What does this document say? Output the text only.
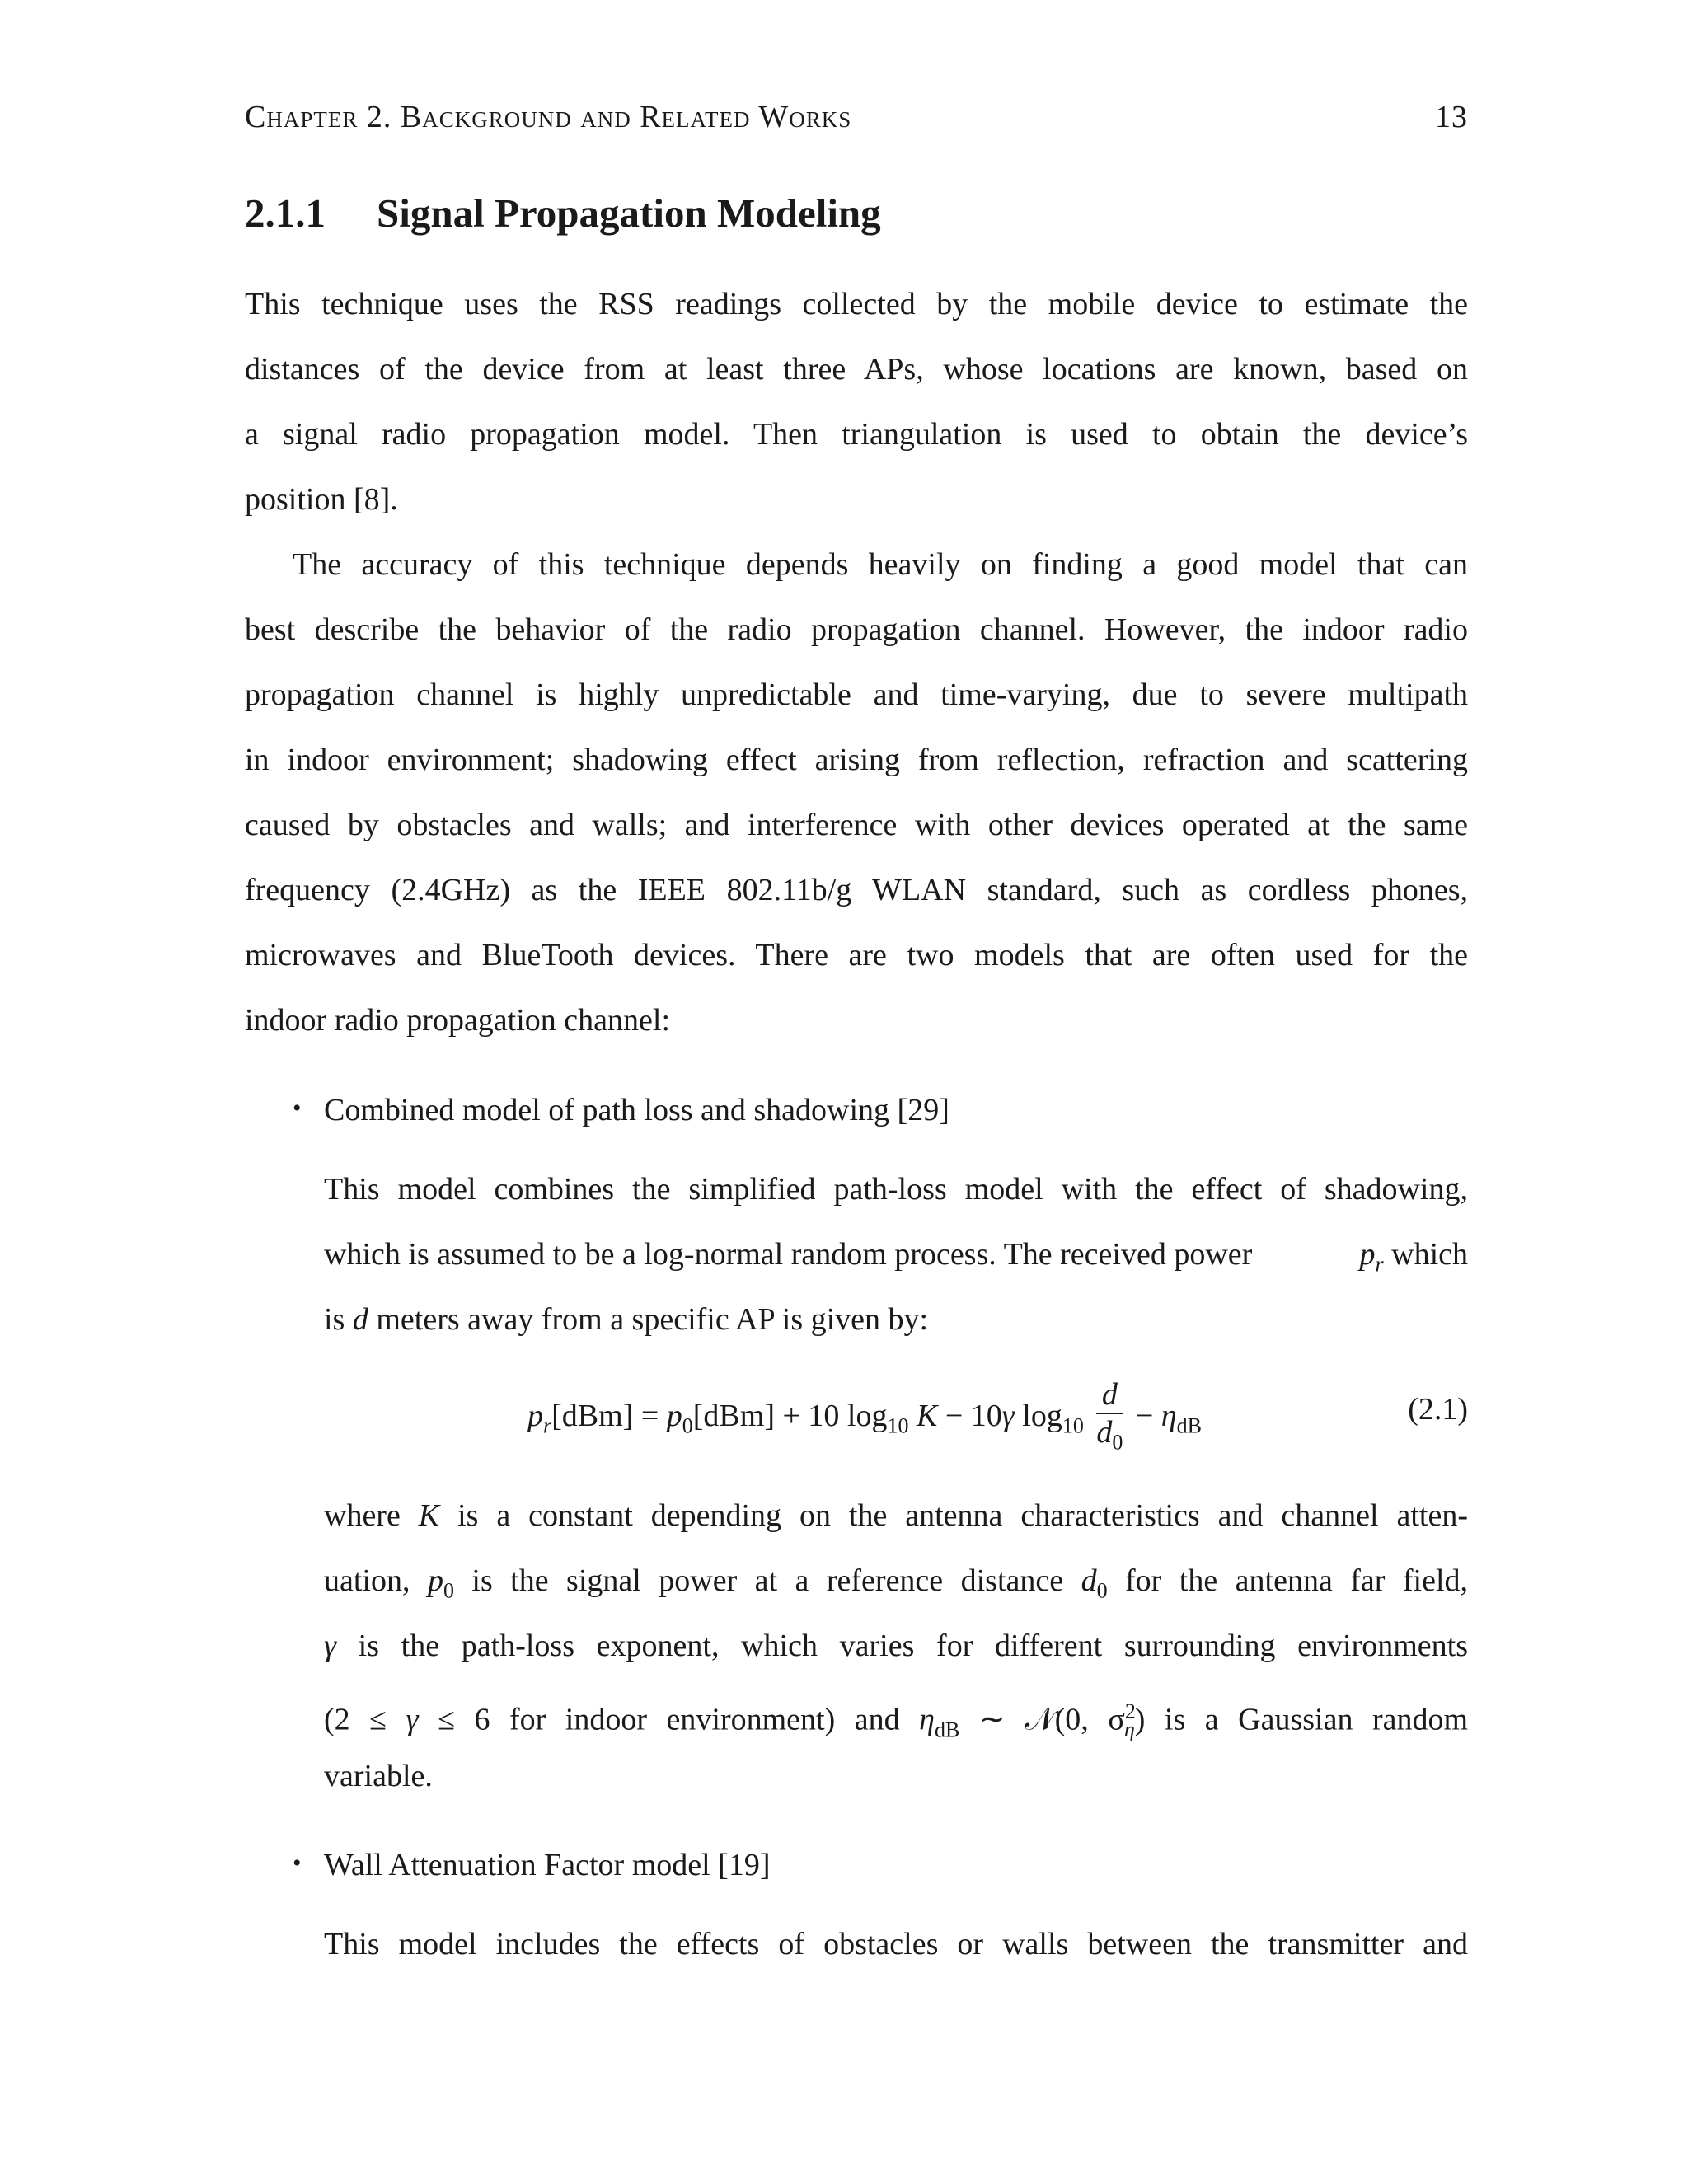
Chapter 2. Background and Related Works	13
2.1.1 Signal Propagation Modeling
This technique uses the RSS readings collected by the mobile device to estimate the
distances of the device from at least three APs, whose locations are known, based on
a signal radio propagation model. Then triangulation is used to obtain the device’s
position [8].
The accuracy of this technique depends heavily on finding a good model that can
best describe the behavior of the radio propagation channel. However, the indoor radio
propagation channel is highly unpredictable and time-varying, due to severe multipath
in indoor environment; shadowing effect arising from reflection, refraction and scattering
caused by obstacles and walls; and interference with other devices operated at the same
frequency (2.4GHz) as the IEEE 802.11b/g WLAN standard, such as cordless phones,
microwaves and BlueTooth devices. There are two models that are often used for the
indoor radio propagation channel:
• Combined model of path loss and shadowing [29]
This model combines the simplified path-loss model with the effect of shadowing,
which is assumed to be a log-normal random process. The received power	$p_r$ which
is d meters away from a specific AP is given by:
$p_r[dBm] = p_0[dBm] + 10$ $\log_{10} K - 10\gamma$ $\log_{10} \frac{d}{d_0} - \eta_{dB}$	(2.1)
where K is a constant depending on the antenna characteristics and channel atten-
uation, $p_0$ is the signal power at a reference distance $d_0$ for the antenna far field,
γ is the path-loss exponent, which varies for different surrounding environments
(2 ≤ γ ≤ 6 for indoor environment) and $\eta_{dB}$ ∼ 𝒩(0, $\sigma^2_\eta$) is a Gaussian random
variable.
• Wall Attenuation Factor model [19]
This model includes the effects of obstacles or walls between the transmitter and
